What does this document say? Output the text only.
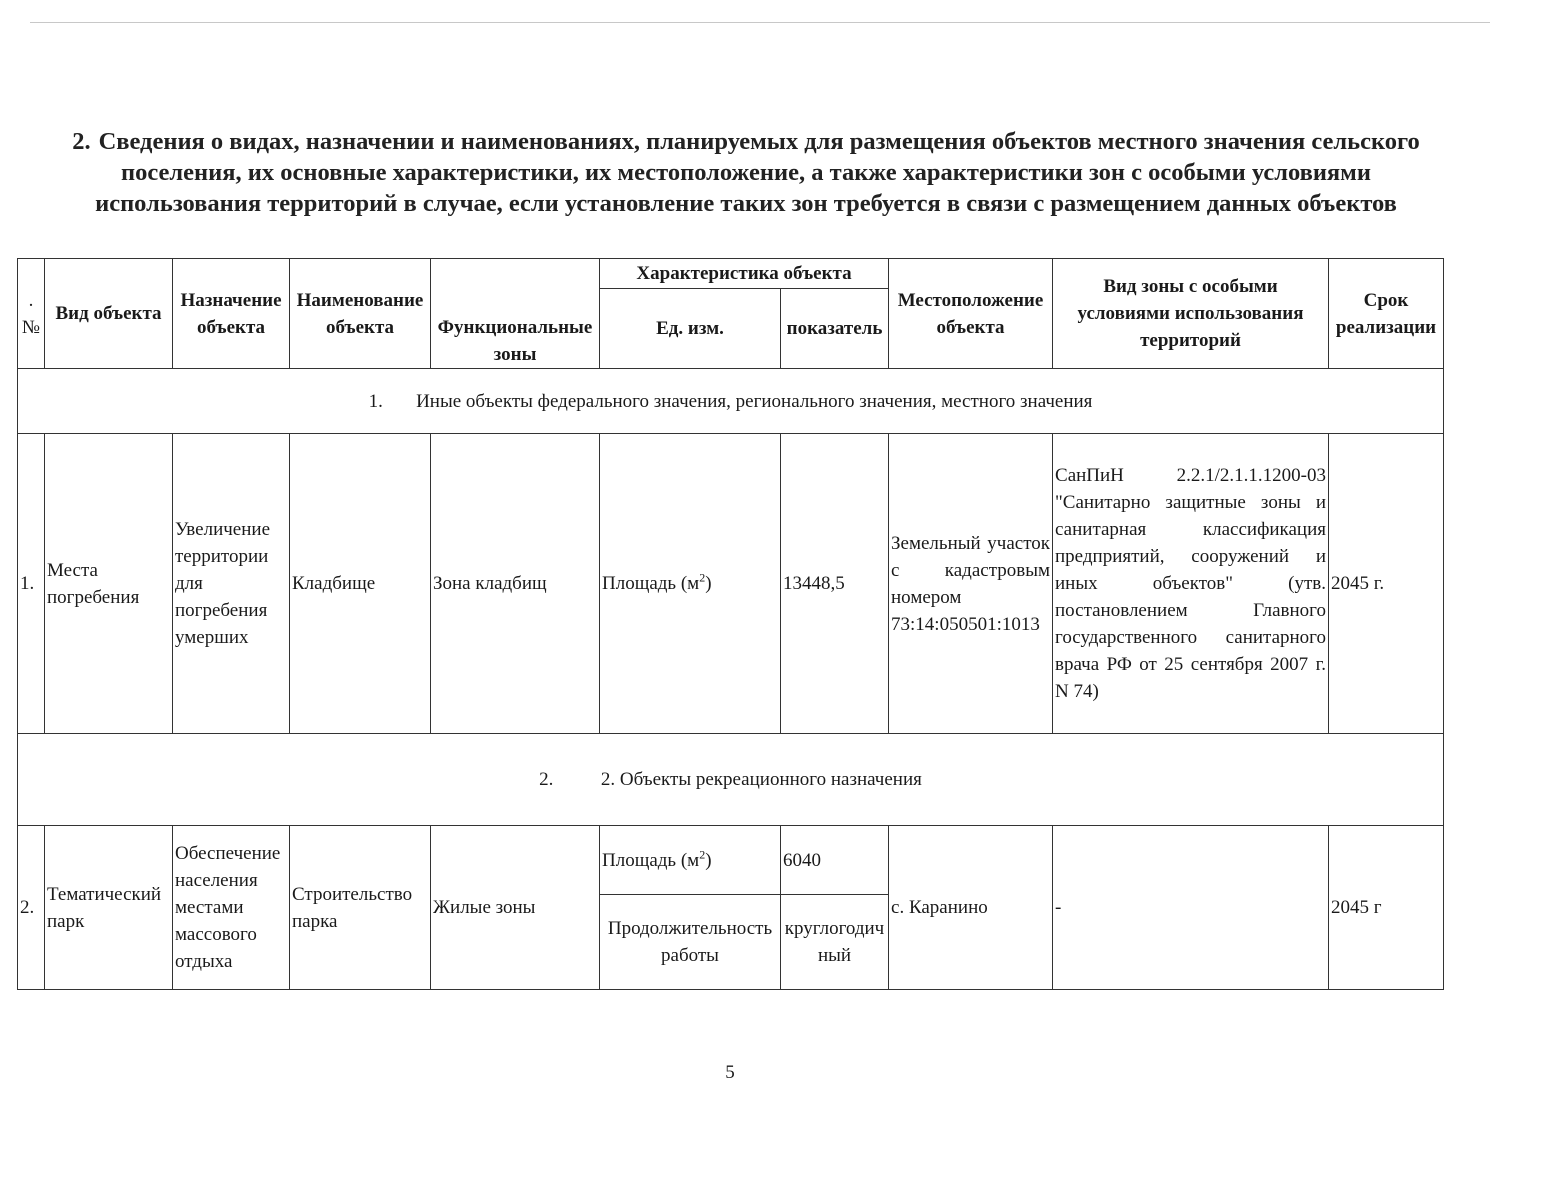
2. Сведения о видах, назначении и наименованиях, планируемых для размещения объектов местного значения сельского поселения, их основные характеристики, их местоположение, а также характеристики зон с особыми условиями использования территорий в случае, если установление таких зон требуется в связи с размещением данных объектов
.№	Вид объекта	Назначение объекта	Наименование объекта	Функциональные зоны	Характеристика объекта		Местоположение объекта	Вид зоны с особыми условиями использования территорий	Срок реализации
					Ед. изм.	показатель			
1. Иные объекты федерального значения, регионального значения, местного значения									
1.	Места погребения	Увеличение территории для погребения умерших	Кладбище	Зона кладбищ	Площадь $(м^2)$	13448,5	Земельный участок с кадастровым номером 73:14:050501:1013	СанПиН 2.2.1/2.1.1.1200-03 "Санитарно защитные зоны и санитарная классификация предприятий, сооружений и иных объектов" (утв. постановлением Главного государственного санитарного врача РФ от 25 сентября 2007 г. N 74)	2045 г.
2. 2. Объекты рекреационного назначения									
2.	Тематический парк	Обеспечение населения местами массового отдыха	Строительство парка	Жилые зоны	Площадь $(м^2)$	6040	с. Каранино	-	2045 г
					Продолжительность работы	круглогодичный			
5
